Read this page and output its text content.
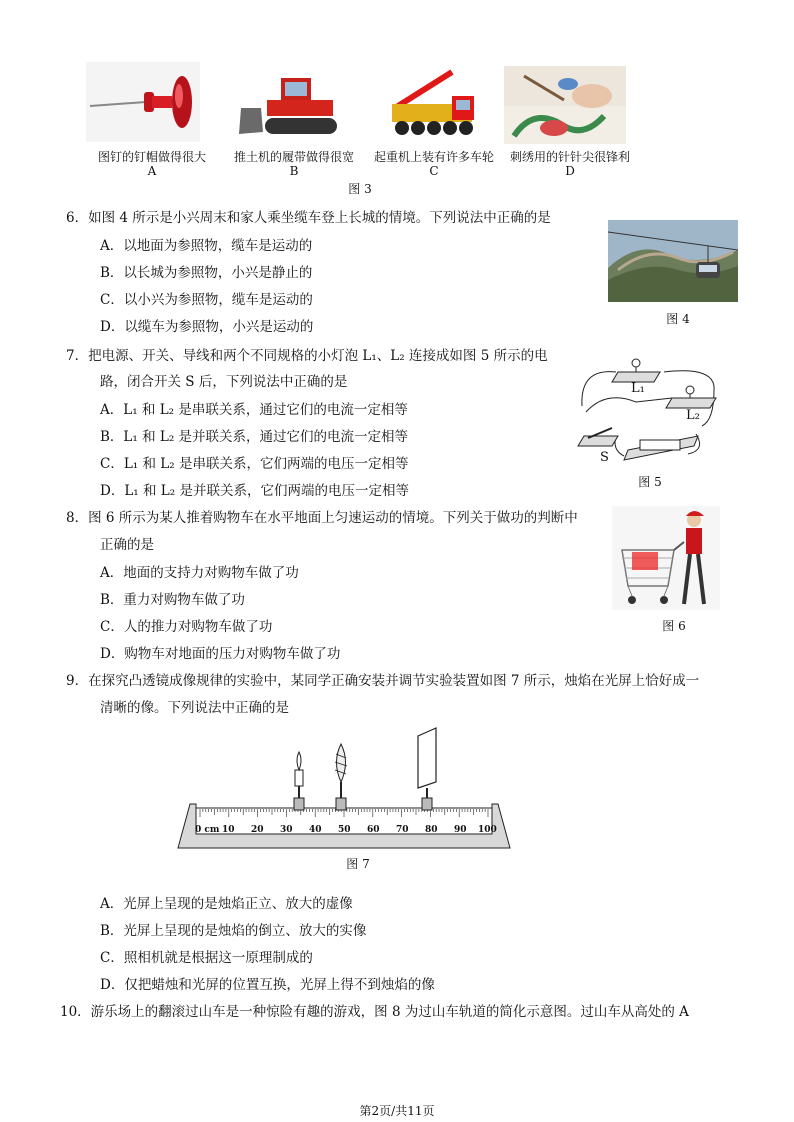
图钉的钉帽做得很大
A
推土机的履带做得很宽
B
起重机上装有许多车轮
C
刺绣用的针针尖很锋利
D
图 3
6．如图 4 所示是小兴周末和家人乘坐缆车登上长城的情境。下列说法中正确的是
A．以地面为参照物，缆车是运动的
B．以长城为参照物，小兴是静止的
C．以小兴为参照物，缆车是运动的
D．以缆车为参照物，小兴是运动的	图 4
7．把电源、开关、导线和两个不同规格的小灯泡 L₁、L₂ 连接成如图 5 所示的电
路，闭合开关 S 后，下列说法中正确的是
A．L₁ 和 L₂ 是串联关系，通过它们的电流一定相等
B．L₁ 和 L₂ 是并联关系，通过它们的电流一定相等
C．L₁ 和 L₂ 是串联关系，它们两端的电压一定相等
D．L₁ 和 L₂ 是并联关系，它们两端的电压一定相等
L₁
L₂
S
图 5
8．图 6 所示为某人推着购物车在水平地面上匀速运动的情境。下列关于做功的判断中
正确的是
A．地面的支持力对购物车做了功
B．重力对购物车做了功
C．人的推力对购物车做了功
D．购物车对地面的压力对购物车做了功
图 6
9．在探究凸透镜成像规律的实验中，某同学正确安装并调节实验装置如图 7 所示，烛焰在光屏上恰好成一
清晰的像。下列说法中正确的是
0 cm 10 20 30 40 50 60 70 80 90 100
图 7
A．光屏上呈现的是烛焰正立、放大的虚像
B．光屏上呈现的是烛焰的倒立、放大的实像
C．照相机就是根据这一原理制成的
D．仅把蜡烛和光屏的位置互换，光屏上得不到烛焰的像
10．游乐场上的翻滚过山车是一种惊险有趣的游戏，图 8 为过山车轨道的简化示意图。过山车从高处的 A
第2页/共11页
